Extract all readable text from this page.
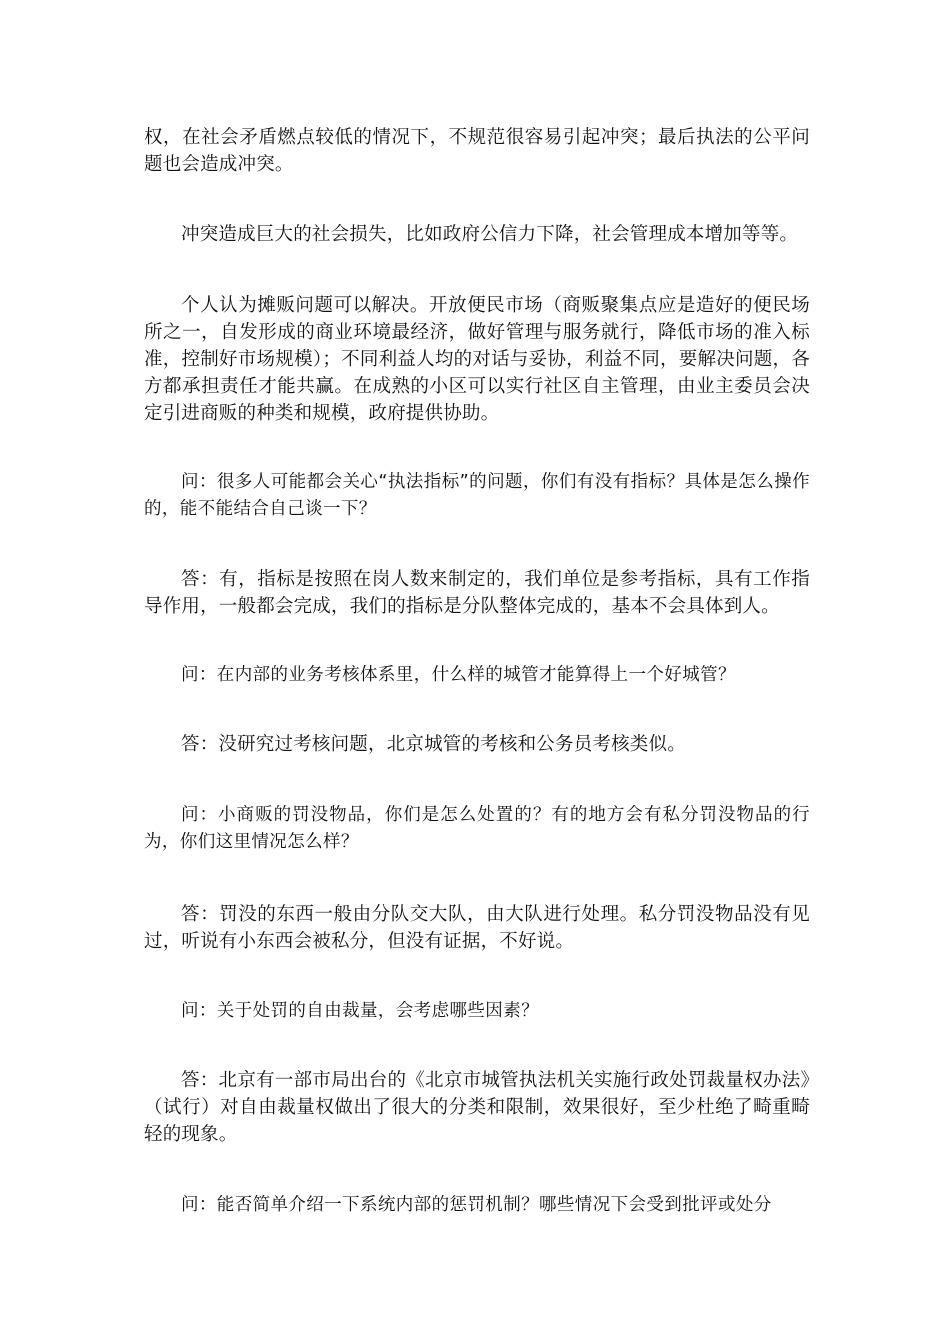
权，在社会矛盾燃点较低的情况下，不规范很容易引起冲突；最后执法的公平问题也会造成冲突。

冲突造成巨大的社会损失，比如政府公信力下降，社会管理成本增加等等。

个人认为摊贩问题可以解决。开放便民市场（商贩聚集点应是造好的便民场所之一，自发形成的商业环境最经济，做好管理与服务就行，降低市场的准入标准，控制好市场规模）；不同利益人均的对话与妥协，利益不同，要解决问题，各方都承担责任才能共赢。在成熟的小区可以实行社区自主管理，由业主委员会决定引进商贩的种类和规模，政府提供协助。

问：很多人可能都会关心“执法指标”的问题，你们有没有指标？具体是怎么操作的，能不能结合自己谈一下？

答：有，指标是按照在岗人数来制定的，我们单位是参考指标，具有工作指导作用，一般都会完成，我们的指标是分队整体完成的，基本不会具体到人。

问：在内部的业务考核体系里，什么样的城管才能算得上一个好城管？

答：没研究过考核问题，北京城管的考核和公务员考核类似。

问：小商贩的罚没物品，你们是怎么处置的？有的地方会有私分罚没物品的行为，你们这里情况怎么样？

答：罚没的东西一般由分队交大队，由大队进行处理。私分罚没物品没有见过，听说有小东西会被私分，但没有证据，不好说。

问：关于处罚的自由裁量，会考虑哪些因素？

答：北京有一部市局出台的《北京市城管执法机关实施行政处罚裁量权办法》（试行）对自由裁量权做出了很大的分类和限制，效果很好，至少杜绝了畸重畸轻的现象。

问：能否简单介绍一下系统内部的惩罚机制？哪些情况下会受到批评或处分
